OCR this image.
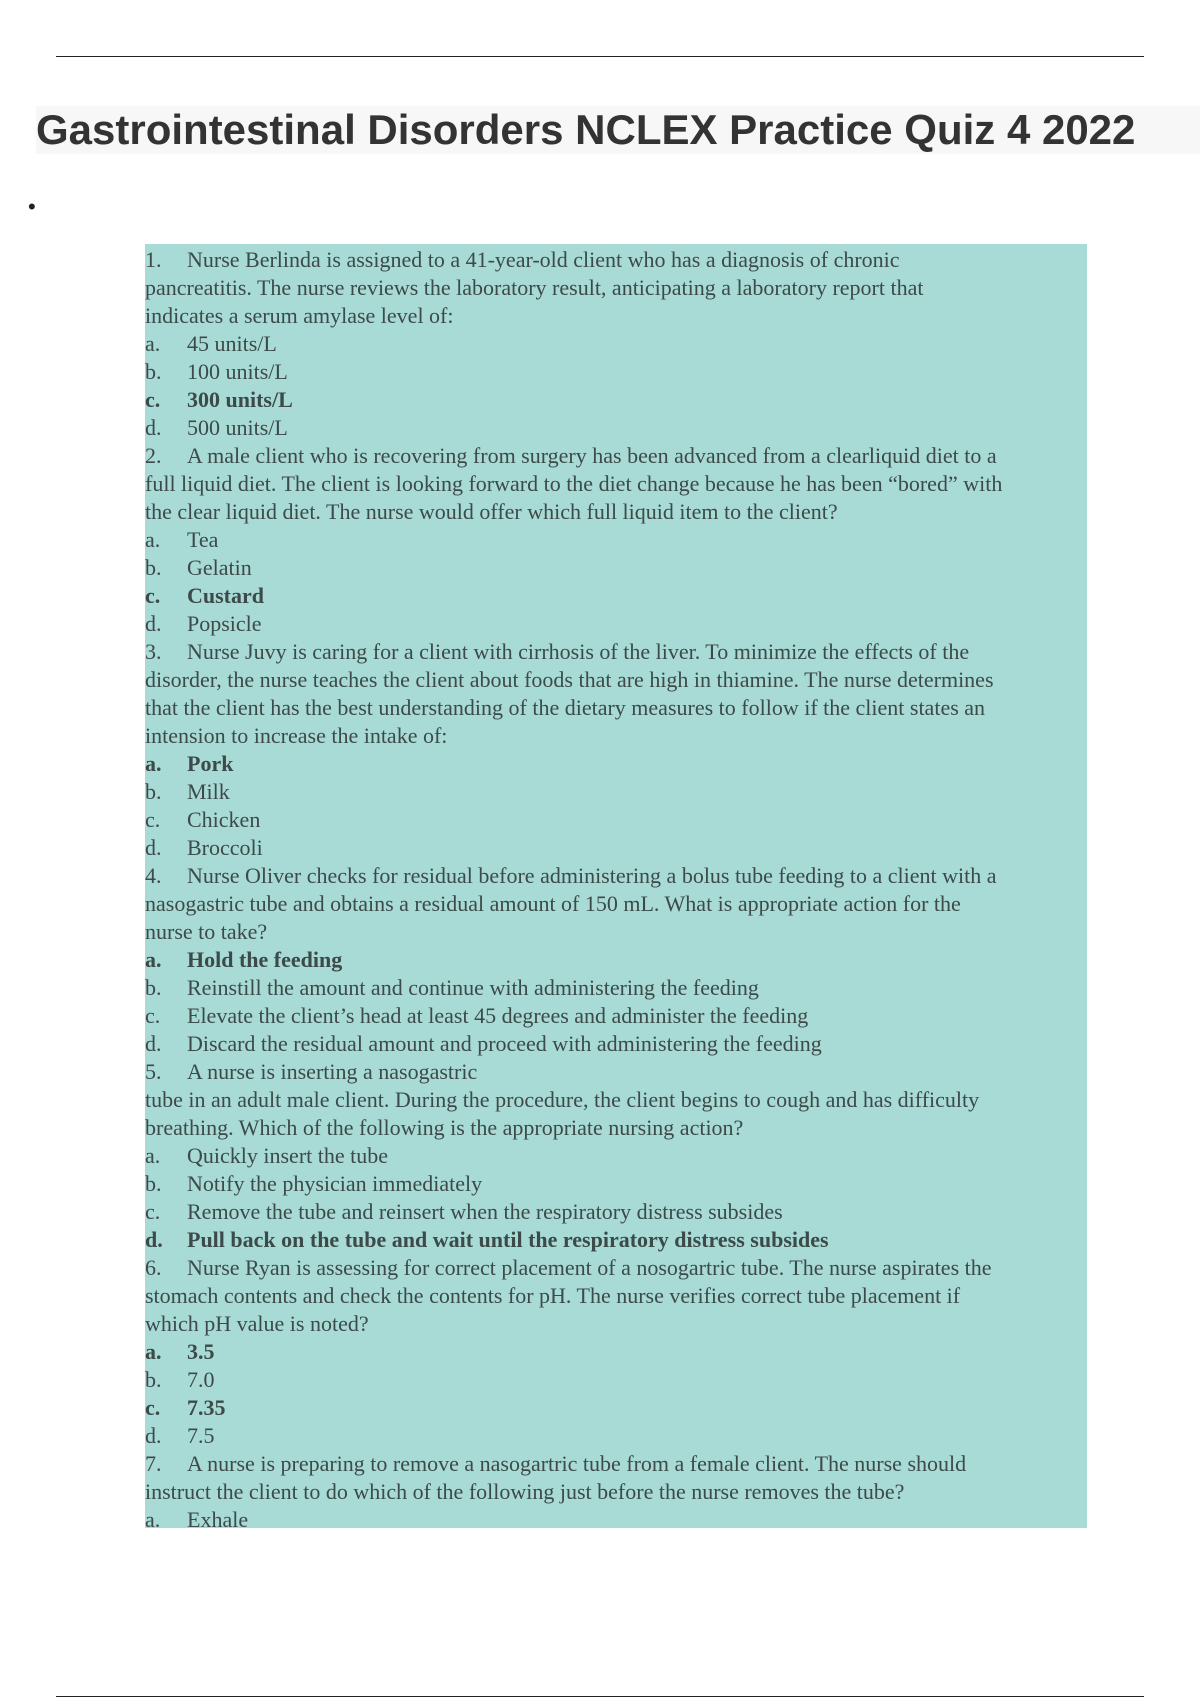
Gastrointestinal Disorders NCLEX Practice Quiz 4 2022
•
1. Nurse Berlinda is assigned to a 41-year-old client who has a diagnosis of chronic
pancreatitis. The nurse reviews the laboratory result, anticipating a laboratory report that
indicates a serum amylase level of:
a. 45 units/L
b. 100 units/L
c. 300 units/L
d. 500 units/L
2. A male client who is recovering from surgery has been advanced from a clearliquid diet to a
full liquid diet. The client is looking forward to the diet change because he has been “bored” with
the clear liquid diet. The nurse would offer which full liquid item to the client?
a. Tea
b. Gelatin
c. Custard
d. Popsicle
3. Nurse Juvy is caring for a client with cirrhosis of the liver. To minimize the effects of the
disorder, the nurse teaches the client about foods that are high in thiamine. The nurse determines
that the client has the best understanding of the dietary measures to follow if the client states an
intension to increase the intake of:
a. Pork
b. Milk
c. Chicken
d. Broccoli
4. Nurse Oliver checks for residual before administering a bolus tube feeding to a client with a
nasogastric tube and obtains a residual amount of 150 mL. What is appropriate action for the
nurse to take?
a. Hold the feeding
b. Reinstill the amount and continue with administering the feeding
c. Elevate the client’s head at least 45 degrees and administer the feeding
d. Discard the residual amount and proceed with administering the feeding
5. A nurse is inserting a nasogastric
tube in an adult male client. During the procedure, the client begins to cough and has difficulty
breathing. Which of the following is the appropriate nursing action?
a. Quickly insert the tube
b. Notify the physician immediately
c. Remove the tube and reinsert when the respiratory distress subsides
d. Pull back on the tube and wait until the respiratory distress subsides
6. Nurse Ryan is assessing for correct placement of a nosogartric tube. The nurse aspirates the
stomach contents and check the contents for pH. The nurse verifies correct tube placement if
which pH value is noted?
a. 3.5
b. 7.0
c. 7.35
d. 7.5
7. A nurse is preparing to remove a nasogartric tube from a female client. The nurse should
instruct the client to do which of the following just before the nurse removes the tube?
a. Exhale
